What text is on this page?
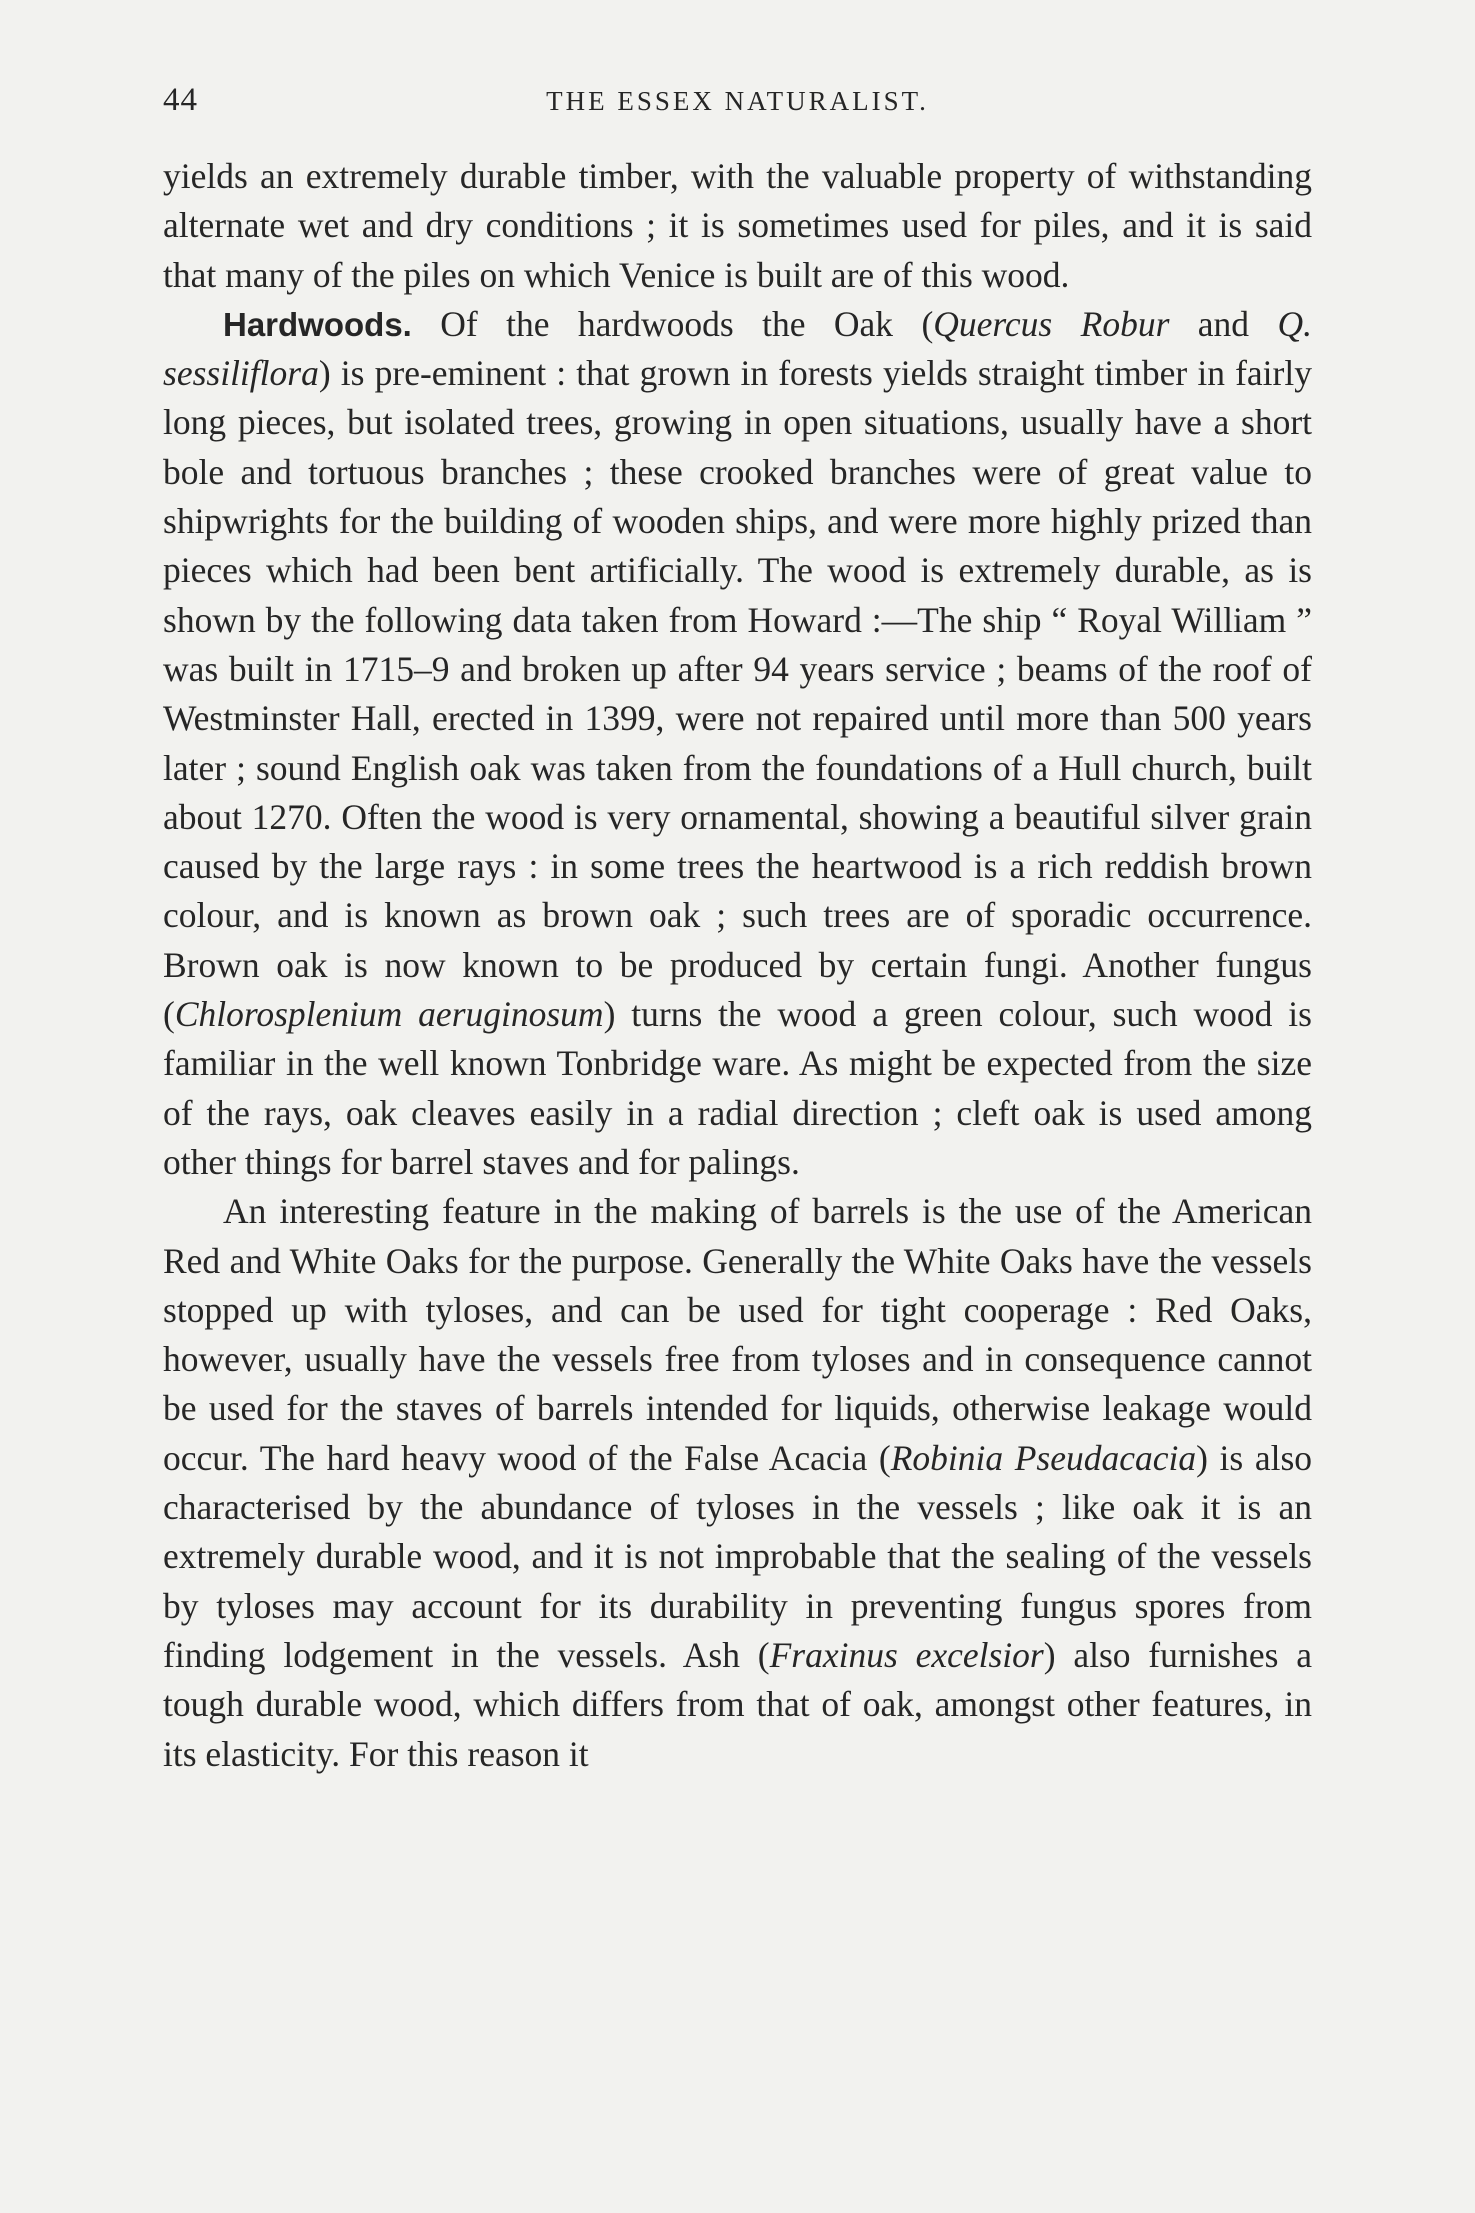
44	THE ESSEX NATURALIST.

yields an extremely durable timber, with the valuable property of withstanding alternate wet and dry conditions ; it is sometimes used for piles, and it is said that many of the piles on which Venice is built are of this wood.

Hardwoods. Of the hardwoods the Oak (Quercus Robur and Q. sessiliflora) is pre-eminent : that grown in forests yields straight timber in fairly long pieces, but isolated trees, growing in open situations, usually have a short bole and tortuous branches ; these crooked branches were of great value to shipwrights for the building of wooden ships, and were more highly prized than pieces which had been bent artificially. The wood is extremely durable, as is shown by the following data taken from Howard :—The ship “ Royal William ” was built in 1715–9 and broken up after 94 years service ; beams of the roof of Westminster Hall, erected in 1399, were not repaired until more than 500 years later ; sound English oak was taken from the foundations of a Hull church, built about 1270. Often the wood is very ornamental, showing a beautiful silver grain caused by the large rays : in some trees the heartwood is a rich reddish brown colour, and is known as brown oak ; such trees are of sporadic occurrence. Brown oak is now known to be produced by certain fungi. Another fungus (Chlorosplenium aeruginosum) turns the wood a green colour, such wood is familiar in the well known Tonbridge ware. As might be expected from the size of the rays, oak cleaves easily in a radial direction ; cleft oak is used among other things for barrel staves and for palings.

An interesting feature in the making of barrels is the use of the American Red and White Oaks for the purpose. Generally the White Oaks have the vessels stopped up with tyloses, and can be used for tight cooperage : Red Oaks, however, usually have the vessels free from tyloses and in consequence cannot be used for the staves of barrels intended for liquids, otherwise leakage would occur. The hard heavy wood of the False Acacia (Robinia Pseudacacia) is also characterised by the abundance of tyloses in the vessels ; like oak it is an extremely durable wood, and it is not improbable that the sealing of the vessels by tyloses may account for its durability in preventing fungus spores from finding lodgement in the vessels. Ash (Fraxinus excelsior) also furnishes a tough durable wood, which differs from that of oak, amongst other features, in its elasticity. For this reason it
